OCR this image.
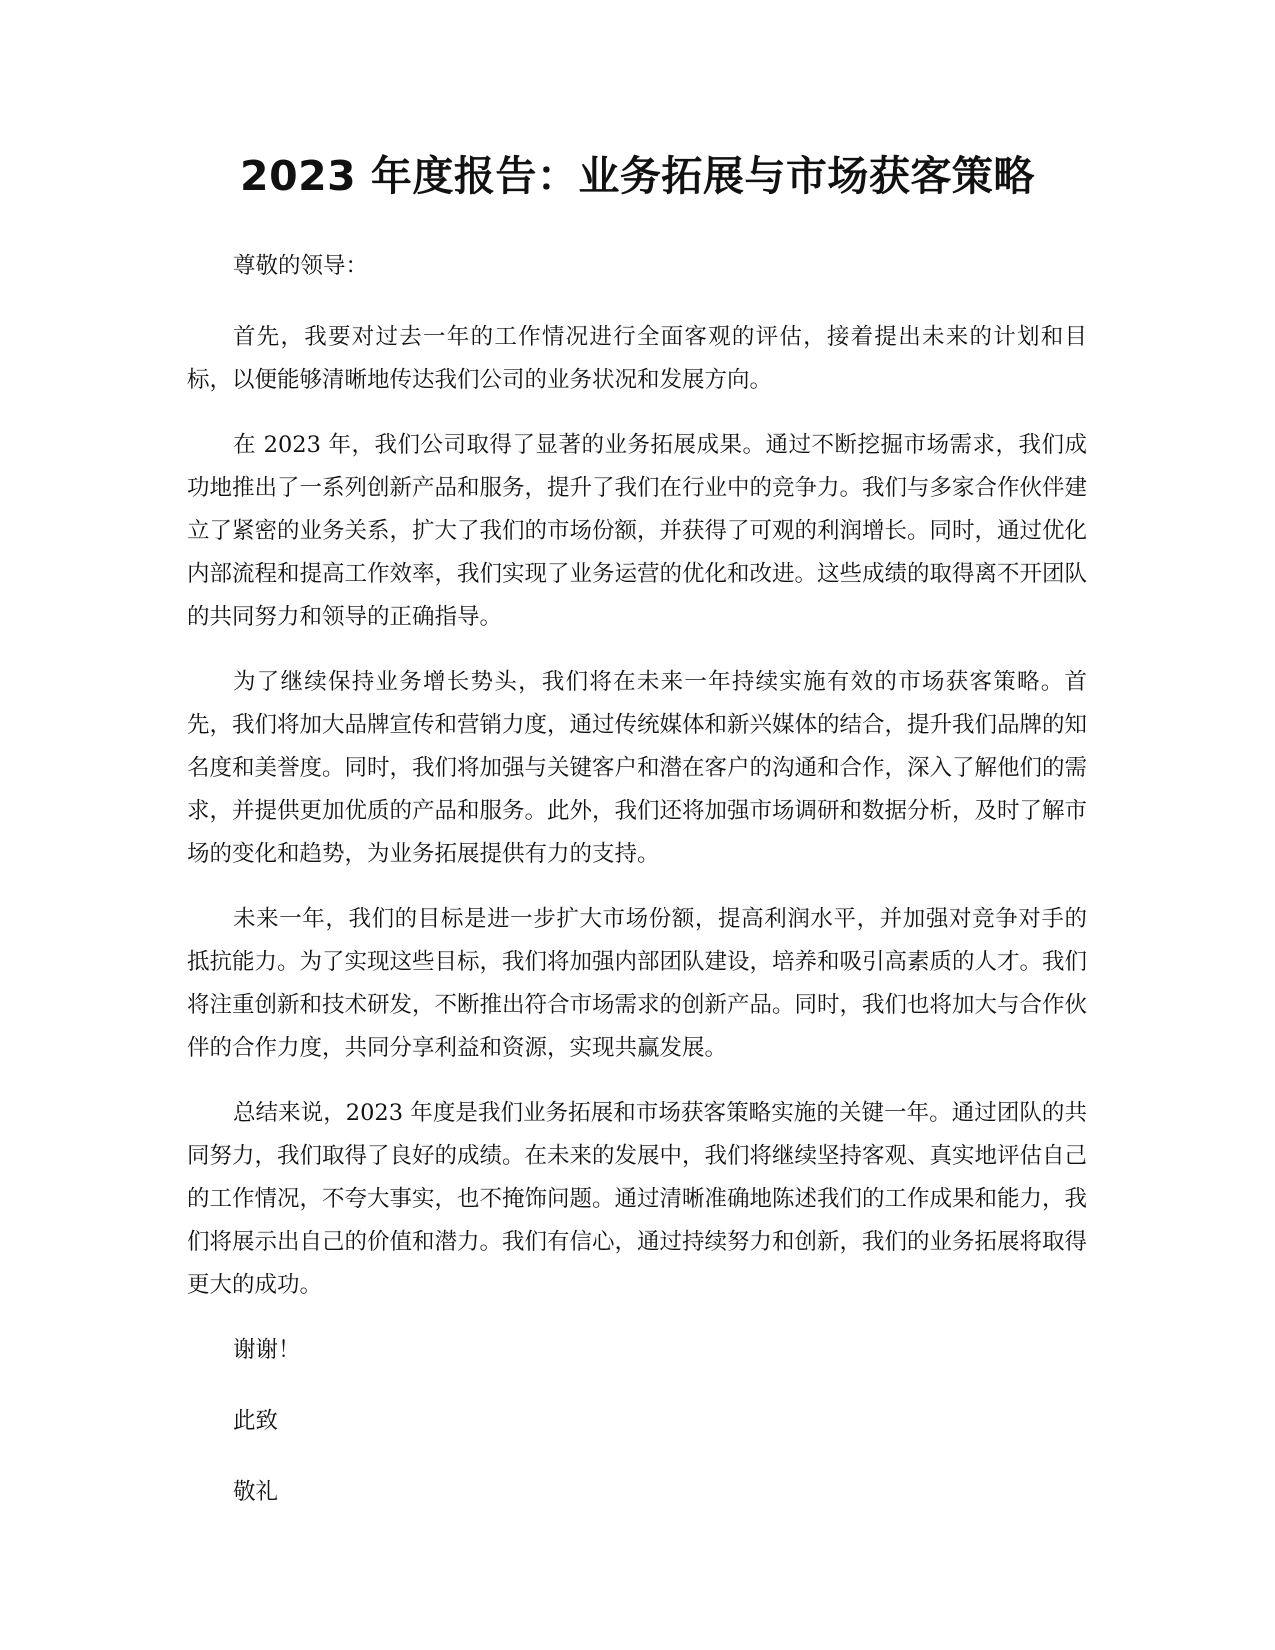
2023 年度报告：业务拓展与市场获客策略

尊敬的领导：

首先，我要对过去一年的工作情况进行全面客观的评估，接着提出未来的计划和目标，以便能够清晰地传达我们公司的业务状况和发展方向。

在 2023 年，我们公司取得了显著的业务拓展成果。通过不断挖掘市场需求，我们成功地推出了一系列创新产品和服务，提升了我们在行业中的竞争力。我们与多家合作伙伴建立了紧密的业务关系，扩大了我们的市场份额，并获得了可观的利润增长。同时，通过优化内部流程和提高工作效率，我们实现了业务运营的优化和改进。这些成绩的取得离不开团队的共同努力和领导的正确指导。

为了继续保持业务增长势头，我们将在未来一年持续实施有效的市场获客策略。首先，我们将加大品牌宣传和营销力度，通过传统媒体和新兴媒体的结合，提升我们品牌的知名度和美誉度。同时，我们将加强与关键客户和潜在客户的沟通和合作，深入了解他们的需求，并提供更加优质的产品和服务。此外，我们还将加强市场调研和数据分析，及时了解市场的变化和趋势，为业务拓展提供有力的支持。

未来一年，我们的目标是进一步扩大市场份额，提高利润水平，并加强对竞争对手的抵抗能力。为了实现这些目标，我们将加强内部团队建设，培养和吸引高素质的人才。我们将注重创新和技术研发，不断推出符合市场需求的创新产品。同时，我们也将加大与合作伙伴的合作力度，共同分享利益和资源，实现共赢发展。

总结来说，2023 年度是我们业务拓展和市场获客策略实施的关键一年。通过团队的共同努力，我们取得了良好的成绩。在未来的发展中，我们将继续坚持客观、真实地评估自己的工作情况，不夸大事实，也不掩饰问题。通过清晰准确地陈述我们的工作成果和能力，我们将展示出自己的价值和潜力。我们有信心，通过持续努力和创新，我们的业务拓展将取得更大的成功。

谢谢！

此致

敬礼
